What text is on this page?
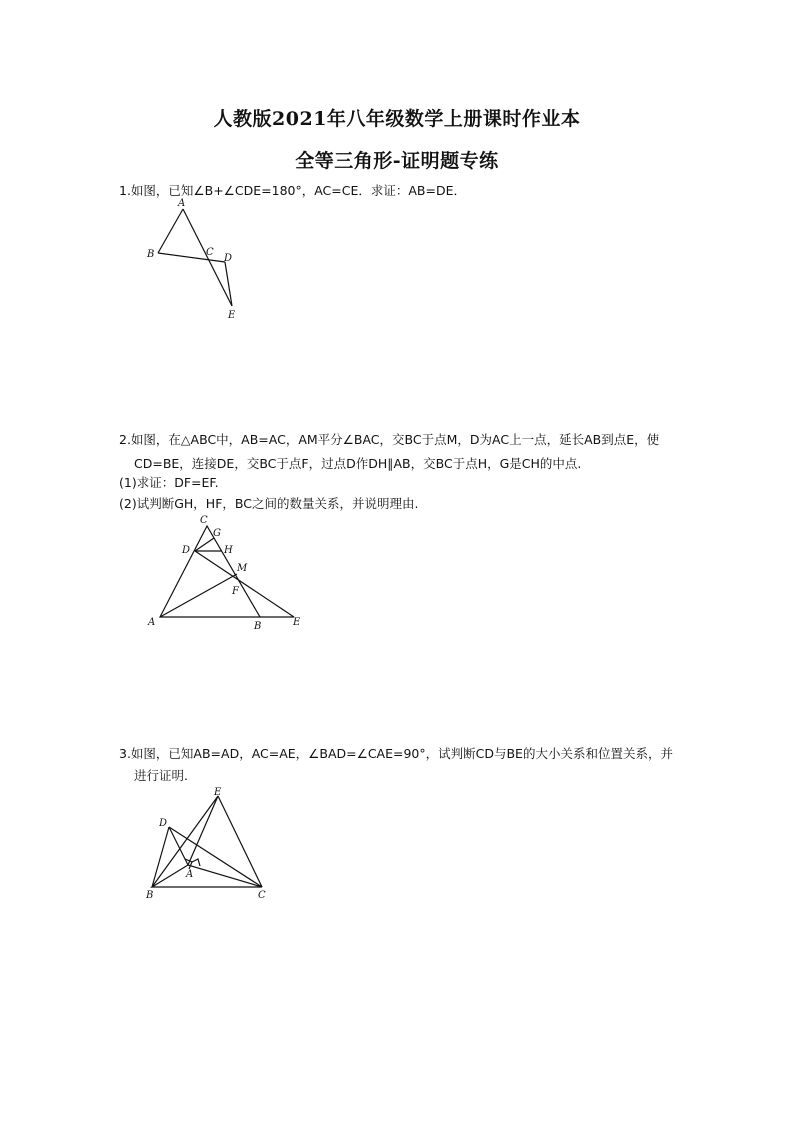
人教版2021年八年级数学上册课时作业本
全等三角形-证明题专练
1.如图，已知∠B+∠CDE=180°，AC=CE．求证：AB=DE．
A
B	C
D
E
2.如图，在△ABC中，AB=AC，AM平分∠BAC，交BC于点M，D为AC上一点，延长AB到点E，使
CD=BE，连接DE，交BC于点F，过点D作DH∥AB，交BC于点H，G是CH的中点.
(1)求证：DF=EF.
(2)试判断GH，HF，BC之间的数量关系，并说明理由.
C
G
D	H
M
F
A	B	E
3.如图，已知AB=AD，AC=AE，∠BAD=∠CAE=90°，试判断CD与BE的大小关系和位置关系，并
进行证明.
E
D
A
B	C
